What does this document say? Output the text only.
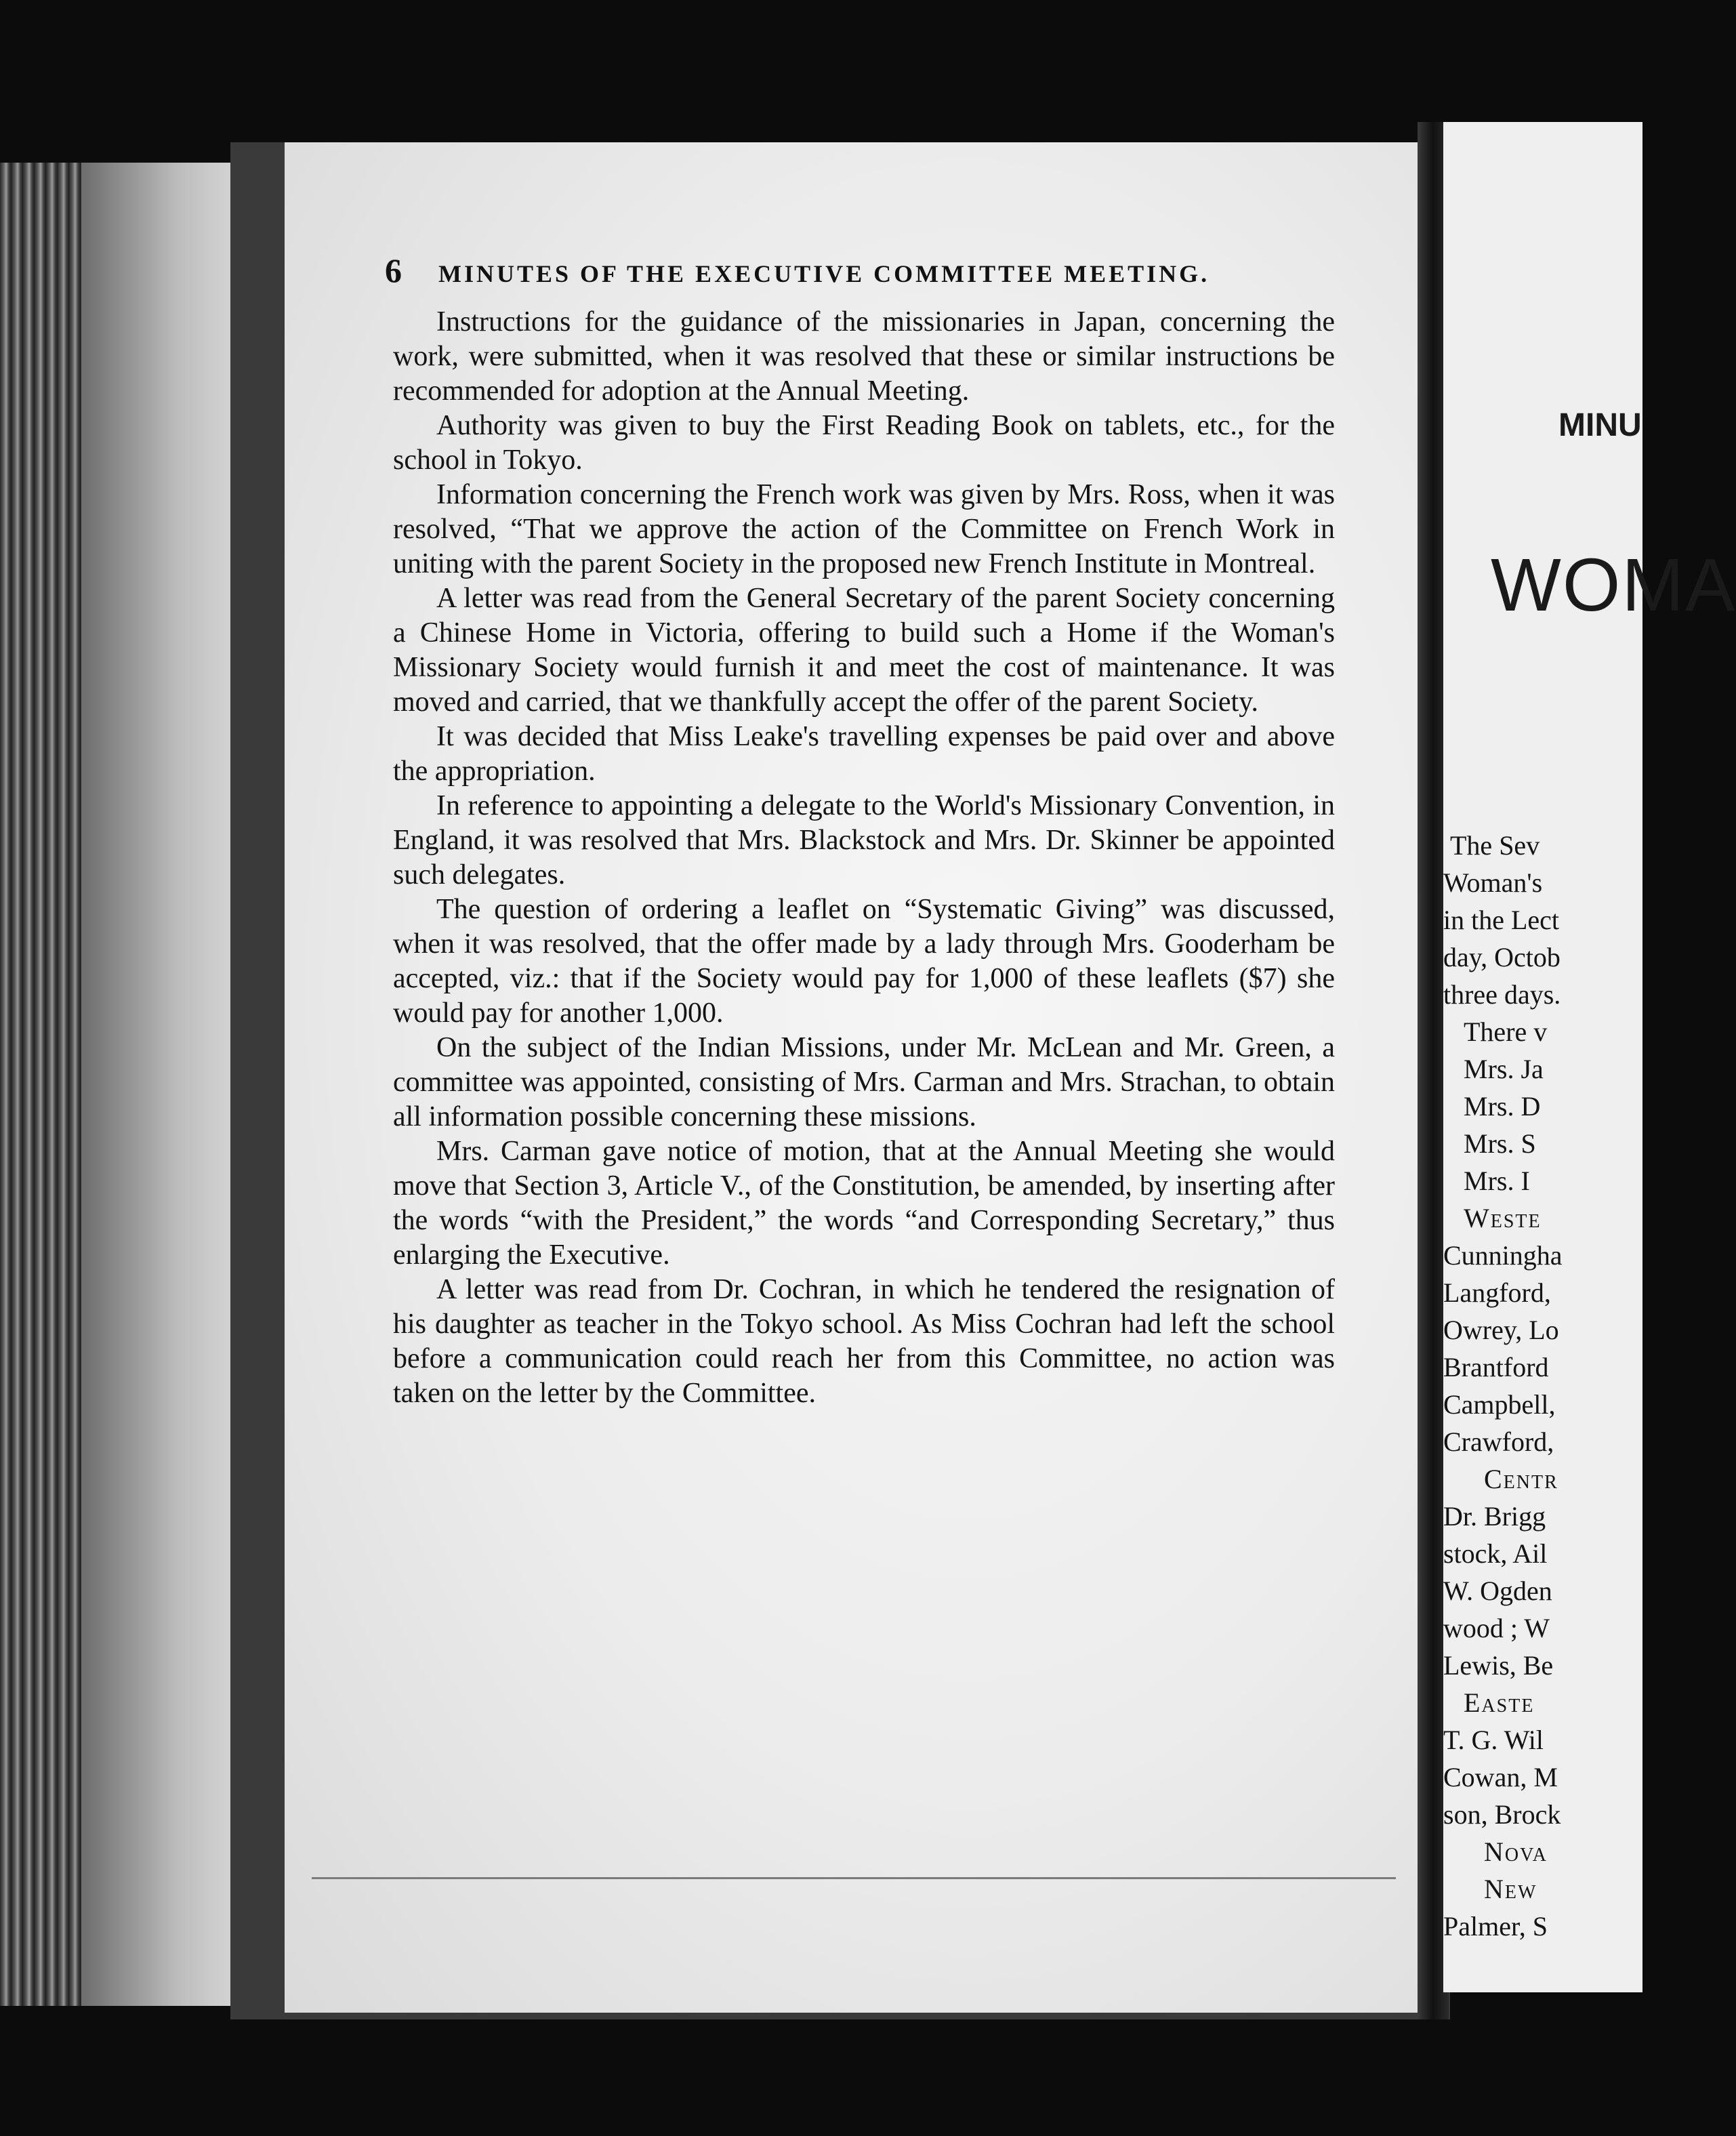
6 MINUTES OF THE EXECUTIVE COMMITTEE MEETING.

Instructions for the guidance of the missionaries in Japan, concerning the work, were submitted, when it was resolved that these or similar instructions be recommended for adoption at the Annual Meeting.

Authority was given to buy the First Reading Book on tablets, etc., for the school in Tokyo.

Information concerning the French work was given by Mrs. Ross, when it was resolved, “That we approve the action of the Committee on French Work in uniting with the parent Society in the proposed new French Institute in Montreal.

A letter was read from the General Secretary of the parent Society concerning a Chinese Home in Victoria, offering to build such a Home if the Woman's Missionary Society would furnish it and meet the cost of maintenance. It was moved and carried, that we thankfully accept the offer of the parent Society.

It was decided that Miss Leake's travelling expenses be paid over and above the appropriation.

In reference to appointing a delegate to the World's Missionary Convention, in England, it was resolved that Mrs. Blackstock and Mrs. Dr. Skinner be appointed such delegates.

The question of ordering a leaflet on “Systematic Giving” was discussed, when it was resolved, that the offer made by a lady through Mrs. Gooderham be accepted, viz.: that if the Society would pay for 1,000 of these leaflets ($7) she would pay for another 1,000.

On the subject of the Indian Missions, under Mr. McLean and Mr. Green, a committee was appointed, consisting of Mrs. Carman and Mrs. Strachan, to obtain all information possible concerning these missions.

Mrs. Carman gave notice of motion, that at the Annual Meeting she would move that Section 3, Article V., of the Constitution, be amended, by inserting after the words “with the President,” the words “and Corresponding Secretary,” thus enlarging the Executive.

A letter was read from Dr. Cochran, in which he tendered the resignation of his daughter as teacher in the Tokyo school. As Miss Cochran had left the school before a communication could reach her from this Committee, no action was taken on the letter by the Committee.

MINU
WOMA
The Sev
Woman's
in the Lect
day, Octob
three days.
There v
Mrs. Ja
Mrs. D
Mrs. S
Mrs. I
Weste
Cunningha
Langford,
Owrey, Lo
Brantford
Campbell,
Crawford,
Centr
Dr. Brigg
stock, Ail
W. Ogden
wood ; W
Lewis, Be
Easte
T. G. Wil
Cowan, M
son, Brock
Nova
New
Palmer, S
